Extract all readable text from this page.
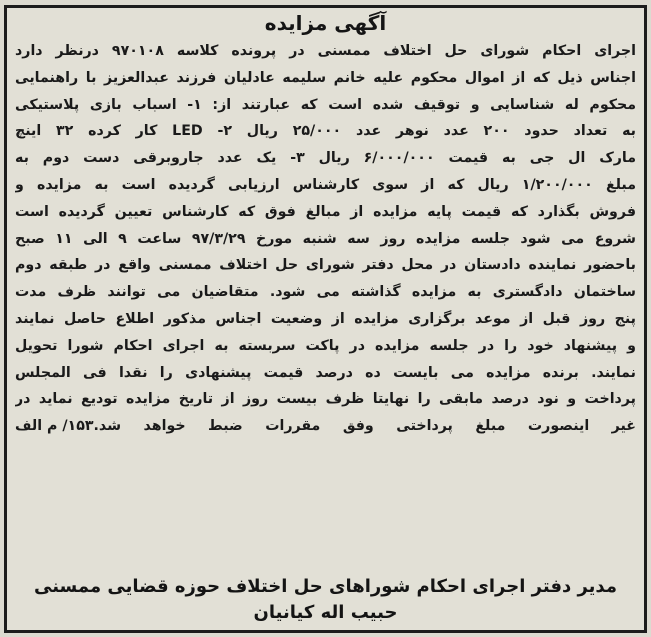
آگهی مزایده
اجرای احکام شورای حل اختلاف ممسنی در پرونده کلاسه ۹۷۰۱۰۸ درنظر دارد
اجناس ذیل که از اموال محکوم علیه خانم سلیمه عادلیان فرزند عبدالعزیز با راهنمایی
محکوم له شناسایی و توقیف شده است که عبارتند از: ۱- اسباب بازی پلاستیکی
به تعداد حدود ۲۰۰ عدد نوهر عدد ۲۵/۰۰۰ ریال ۲- LED کار کرده ۳۲ اینچ
مارک ال جی به قیمت ۶/۰۰۰/۰۰۰ ریال ۳- یک عدد جاروبرقی دست دوم به
مبلغ ۱/۲۰۰/۰۰۰ ریال که از سوی کارشناس ارزیابی گردیده است به مزایده و
فروش بگذارد که قیمت پایه مزایده از مبالغ فوق که کارشناس تعیین گردیده است
شروع می شود جلسه مزایده روز سه شنبه مورخ ۹۷/۳/۲۹ ساعت ۹ الی ۱۱ صبح
باحضور نماینده دادستان در محل دفتر شورای حل اختلاف ممسنی واقع در طبقه دوم
ساختمان دادگستری به مزایده گذاشته می شود. متقاضیان می توانند ظرف مدت
پنج روز قبل از موعد برگزاری مزایده از وضعیت اجناس مذکور اطلاع حاصل نمایند
و پیشنهاد خود را در جلسه مزایده در پاکت سربسته به اجرای احکام شورا تحویل
نمایند. برنده مزایده می بایست ده درصد قیمت پیشنهادی را نقدا فی المجلس
پرداخت و نود درصد مابقی را نهایتا ظرف بیست روز از تاریخ مزایده تودیع نماید در
غیر اینصورت مبلغ پرداختی وفق مقررات ضبط خواهد شد.
۱۵۳/ م الف
مدیر دفتر اجرای احکام شوراهای حل اختلاف حوزه قضایی ممسنی
حبیب اله کیانیان
